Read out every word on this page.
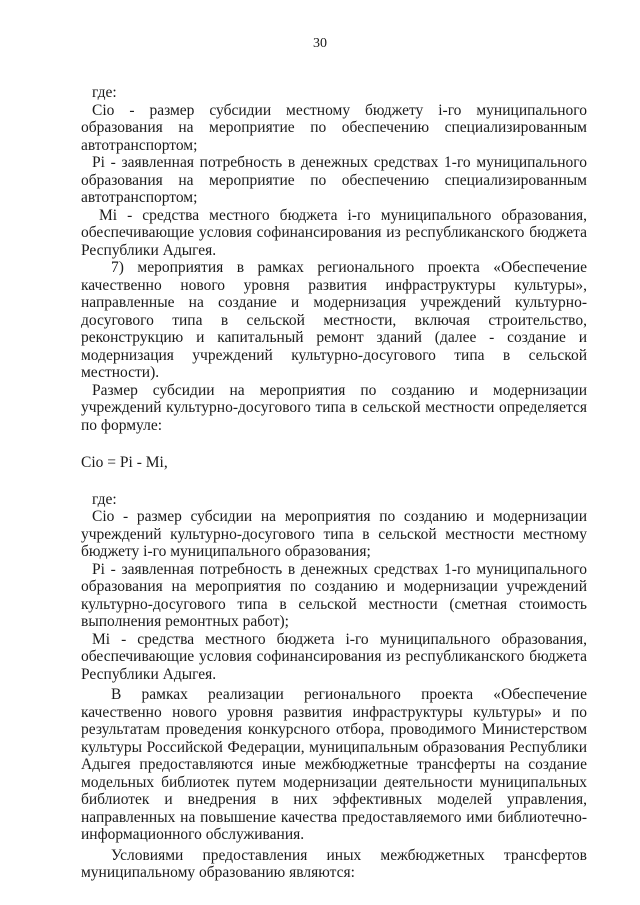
30

где:

Cio - размер субсидии местному бюджету i-го муниципального образования на мероприятие по обеспечению специализированным автотранспортом;

Pi - заявленная потребность в денежных средствах 1-го муниципального образования на мероприятие по обеспечению специализированным автотранспортом;

Mi - средства местного бюджета i-го муниципального образования, обеспечивающие условия софинансирования из республиканского бюджета Республики Адыгея.

7) мероприятия в рамках регионального проекта «Обеспечение качественно нового уровня развития инфраструктуры культуры», направленные на создание и модернизация учреждений культурно-досугового типа в сельской местности, включая строительство, реконструкцию и капитальный ремонт зданий (далее - создание и модернизация учреждений культурно-досугового типа в сельской местности).

Размер субсидии на мероприятия по созданию и модернизации учреждений культурно-досугового типа в сельской местности определяется по формуле:

Cio = Pi - Mi,

где:

Cio - размер субсидии на мероприятия по созданию и модернизации учреждений культурно-досугового типа в сельской местности местному бюджету i-го муниципального образования;

Pi - заявленная потребность в денежных средствах 1-го муниципального образования на мероприятия по созданию и модернизации учреждений культурно-досугового типа в сельской местности (сметная стоимость выполнения ремонтных работ);

Mi - средства местного бюджета i-го муниципального образования, обеспечивающие условия софинансирования из республиканского бюджета Республики Адыгея.

В рамках реализации регионального проекта «Обеспечение качественно нового уровня развития инфраструктуры культуры» и по результатам проведения конкурсного отбора, проводимого Министерством культуры Российской Федерации, муниципальным образования Республики Адыгея предоставляются иные межбюджетные трансферты на создание модельных библиотек путем модернизации деятельности муниципальных библиотек и внедрения в них эффективных моделей управления, направленных на повышение качества предоставляемого ими библиотечно-информационного обслуживания.

Условиями предоставления иных межбюджетных трансфертов муниципальному образованию являются:
